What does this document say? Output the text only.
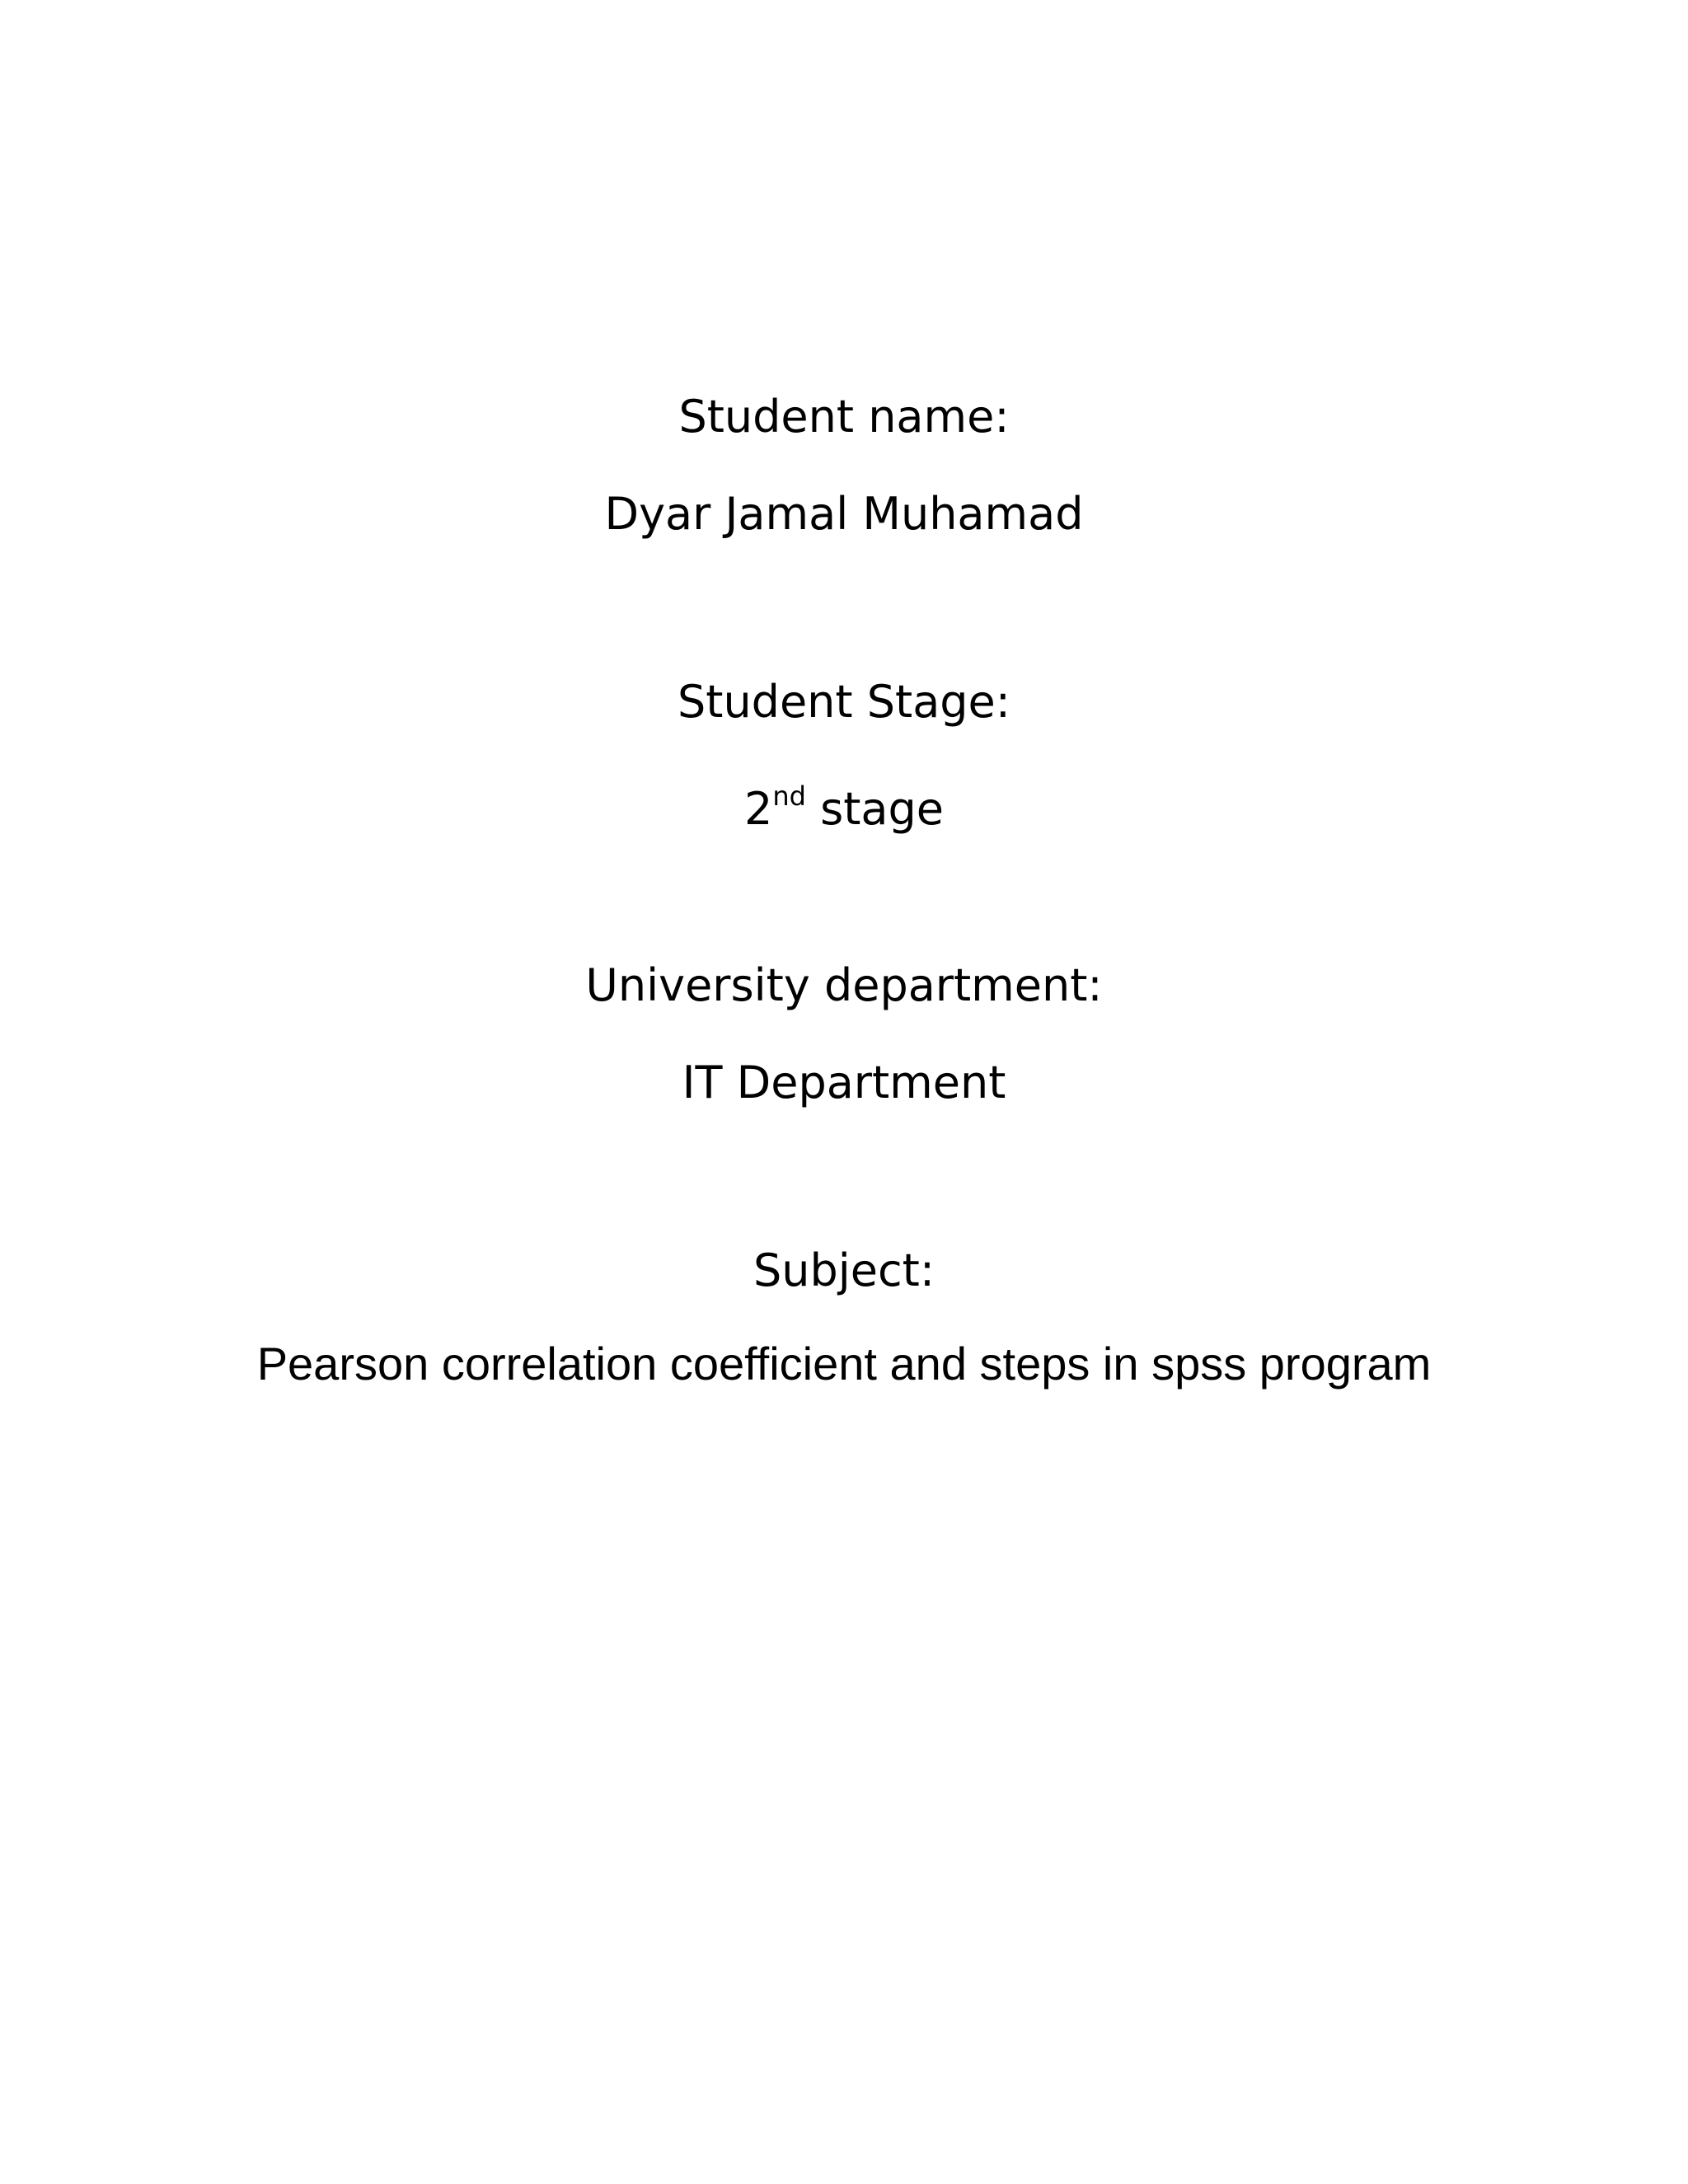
Student name:
Dyar Jamal Muhamad
Student Stage:
2nd stage
University department:
IT Department
Subject:
Pearson correlation coefficient and steps in spss program
